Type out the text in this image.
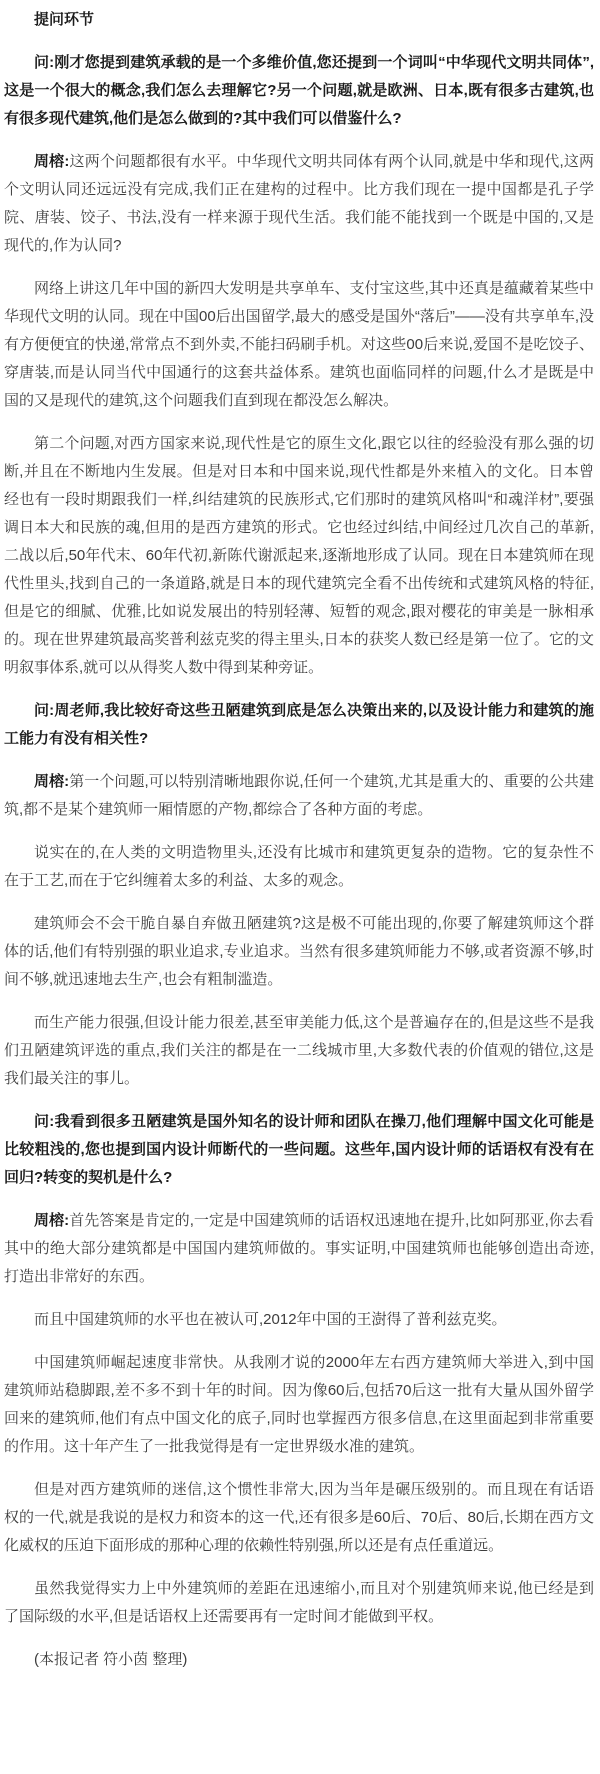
提问环节

问:刚才您提到建筑承载的是一个多维价值,您还提到一个词叫“中华现代文明共同体”,这是一个很大的概念,我们怎么去理解它?另一个问题,就是欧洲、日本,既有很多古建筑,也有很多现代建筑,他们是怎么做到的?其中我们可以借鉴什么?

周榕:这两个问题都很有水平。中华现代文明共同体有两个认同,就是中华和现代,这两个文明认同还远远没有完成,我们正在建构的过程中。比方我们现在一提中国都是孔子学院、唐装、饺子、书法,没有一样来源于现代生活。我们能不能找到一个既是中国的,又是现代的,作为认同?

网络上讲这几年中国的新四大发明是共享单车、支付宝这些,其中还真是蕴藏着某些中华现代文明的认同。现在中国00后出国留学,最大的感受是国外“落后”——没有共享单车,没有方便便宜的快递,常常点不到外卖,不能扫码刷手机。对这些00后来说,爱国不是吃饺子、穿唐装,而是认同当代中国通行的这套共益体系。建筑也面临同样的问题,什么才是既是中国的又是现代的建筑,这个问题我们直到现在都没怎么解决。

第二个问题,对西方国家来说,现代性是它的原生文化,跟它以往的经验没有那么强的切断,并且在不断地内生发展。但是对日本和中国来说,现代性都是外来植入的文化。日本曾经也有一段时期跟我们一样,纠结建筑的民族形式,它们那时的建筑风格叫“和魂洋材”,要强调日本大和民族的魂,但用的是西方建筑的形式。它也经过纠结,中间经过几次自己的革新,二战以后,50年代末、60年代初,新陈代谢派起来,逐渐地形成了认同。现在日本建筑师在现代性里头,找到自己的一条道路,就是日本的现代建筑完全看不出传统和式建筑风格的特征,但是它的细腻、优雅,比如说发展出的特别轻薄、短暂的观念,跟对樱花的审美是一脉相承的。现在世界建筑最高奖普利兹克奖的得主里头,日本的获奖人数已经是第一位了。它的文明叙事体系,就可以从得奖人数中得到某种旁证。

问:周老师,我比较好奇这些丑陋建筑到底是怎么决策出来的,以及设计能力和建筑的施工能力有没有相关性?

周榕:第一个问题,可以特别清晰地跟你说,任何一个建筑,尤其是重大的、重要的公共建筑,都不是某个建筑师一厢情愿的产物,都综合了各种方面的考虑。

说实在的,在人类的文明造物里头,还没有比城市和建筑更复杂的造物。它的复杂性不在于工艺,而在于它纠缠着太多的利益、太多的观念。

建筑师会不会干脆自暴自弃做丑陋建筑?这是极不可能出现的,你要了解建筑师这个群体的话,他们有特别强的职业追求,专业追求。当然有很多建筑师能力不够,或者资源不够,时间不够,就迅速地去生产,也会有粗制滥造。

而生产能力很强,但设计能力很差,甚至审美能力低,这个是普遍存在的,但是这些不是我们丑陋建筑评选的重点,我们关注的都是在一二线城市里,大多数代表的价值观的错位,这是我们最关注的事儿。

问:我看到很多丑陋建筑是国外知名的设计师和团队在操刀,他们理解中国文化可能是比较粗浅的,您也提到国内设计师断代的一些问题。这些年,国内设计师的话语权有没有在回归?转变的契机是什么?

周榕:首先答案是肯定的,一定是中国建筑师的话语权迅速地在提升,比如阿那亚,你去看其中的绝大部分建筑都是中国国内建筑师做的。事实证明,中国建筑师也能够创造出奇迹,打造出非常好的东西。

而且中国建筑师的水平也在被认可,2012年中国的王澍得了普利兹克奖。

中国建筑师崛起速度非常快。从我刚才说的2000年左右西方建筑师大举进入,到中国建筑师站稳脚跟,差不多不到十年的时间。因为像60后,包括70后这一批有大量从国外留学回来的建筑师,他们有点中国文化的底子,同时也掌握西方很多信息,在这里面起到非常重要的作用。这十年产生了一批我觉得是有一定世界级水准的建筑。

但是对西方建筑师的迷信,这个惯性非常大,因为当年是碾压级别的。而且现在有话语权的一代,就是我说的是权力和资本的这一代,还有很多是60后、70后、80后,长期在西方文化威权的压迫下面形成的那种心理的依赖性特别强,所以还是有点任重道远。

虽然我觉得实力上中外建筑师的差距在迅速缩小,而且对个别建筑师来说,他已经是到了国际级的水平,但是话语权上还需要再有一定时间才能做到平权。

(本报记者 符小茵 整理)
